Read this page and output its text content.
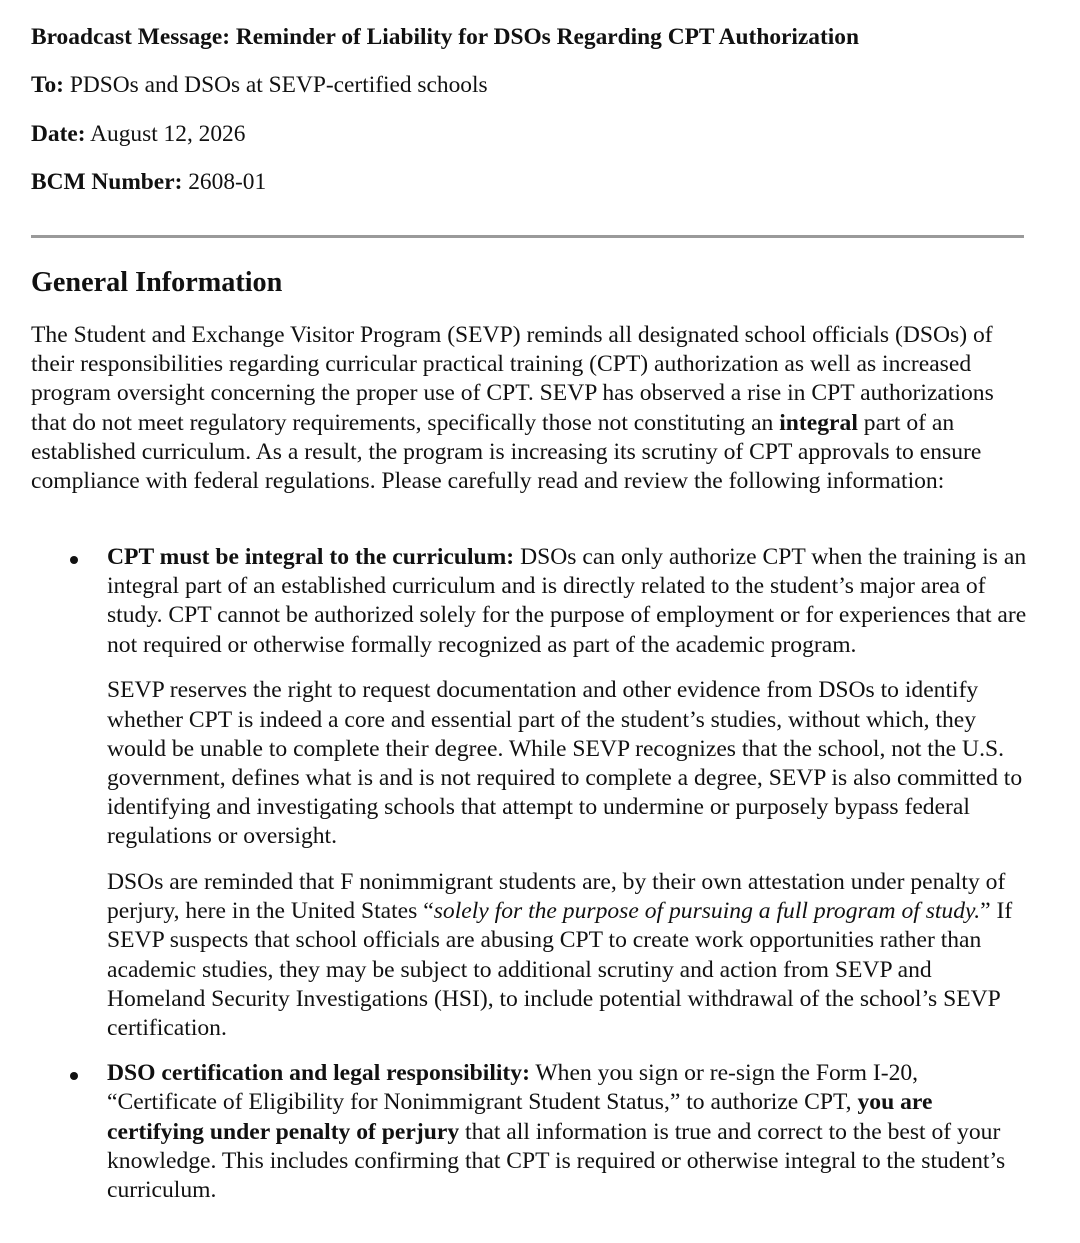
Broadcast Message: Reminder of Liability for DSOs Regarding CPT Authorization
To: PDSOs and DSOs at SEVP-certified schools
Date: August 12, 2026
BCM Number: 2608-01
General Information

The Student and Exchange Visitor Program (SEVP) reminds all designated school officials (DSOs) of their responsibilities regarding curricular practical training (CPT) authorization as well as increased program oversight concerning the proper use of CPT. SEVP has observed a rise in CPT authorizations that do not meet regulatory requirements, specifically those not constituting an integral part of an established curriculum. As a result, the program is increasing its scrutiny of CPT approvals to ensure compliance with federal regulations. Please carefully read and review the following information:

CPT must be integral to the curriculum: DSOs can only authorize CPT when the training is an integral part of an established curriculum and is directly related to the student’s major area of study. CPT cannot be authorized solely for the purpose of employment or for experiences that are not required or otherwise formally recognized as part of the academic program.

SEVP reserves the right to request documentation and other evidence from DSOs to identify whether CPT is indeed a core and essential part of the student’s studies, without which, they would be unable to complete their degree. While SEVP recognizes that the school, not the U.S. government, defines what is and is not required to complete a degree, SEVP is also committed to identifying and investigating schools that attempt to undermine or purposely bypass federal regulations or oversight.

DSOs are reminded that F nonimmigrant students are, by their own attestation under penalty of perjury, here in the United States “solely for the purpose of pursuing a full program of study.” If SEVP suspects that school officials are abusing CPT to create work opportunities rather than academic studies, they may be subject to additional scrutiny and action from SEVP and Homeland Security Investigations (HSI), to include potential withdrawal of the school’s SEVP certification.

DSO certification and legal responsibility: When you sign or re-sign the Form I-20, “Certificate of Eligibility for Nonimmigrant Student Status,” to authorize CPT, you are certifying under penalty of perjury that all information is true and correct to the best of your knowledge. This includes confirming that CPT is required or otherwise integral to the student’s curriculum.
